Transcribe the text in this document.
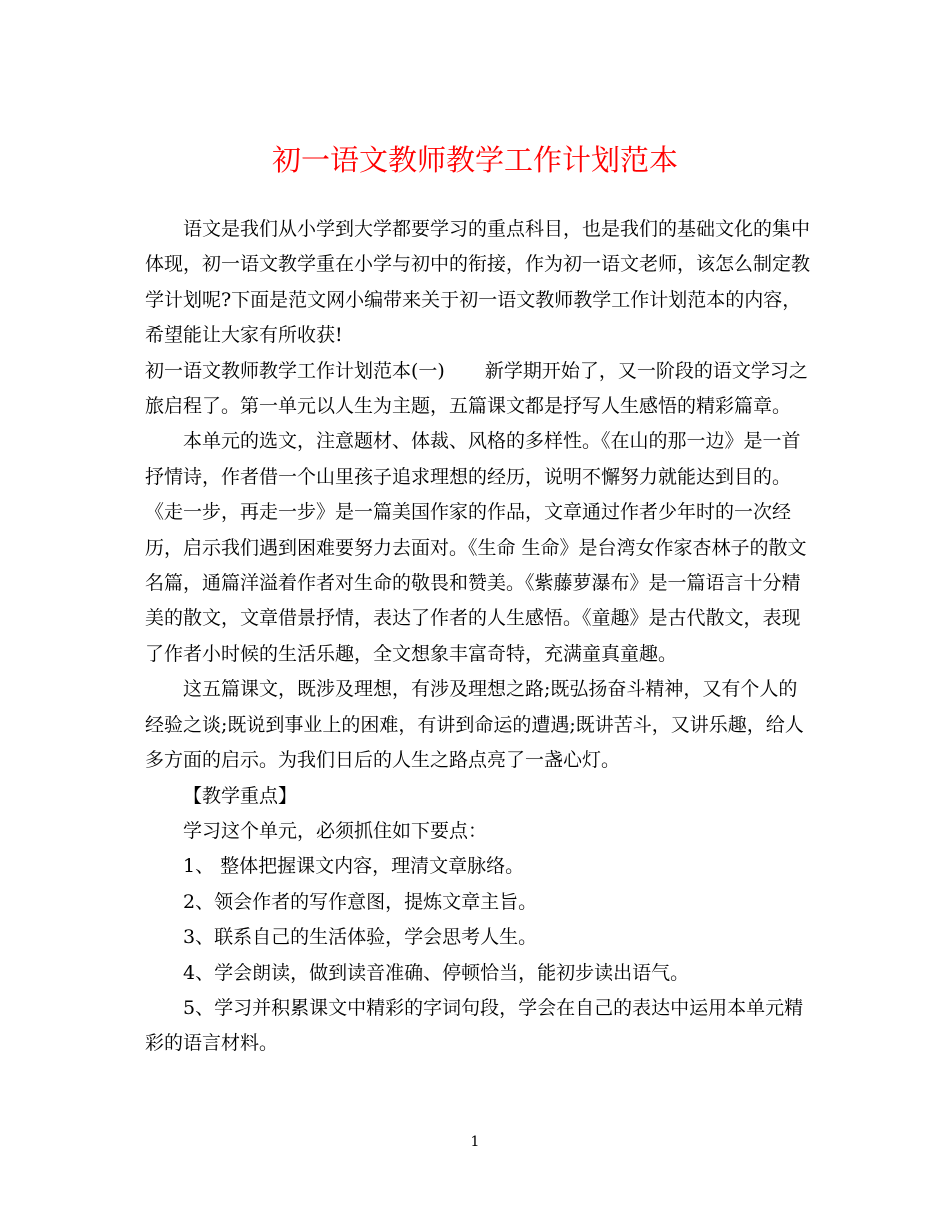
初一语文教师教学工作计划范本

语文是我们从小学到大学都要学习的重点科目，也是我们的基础文化的集中体现，初一语文教学重在小学与初中的衔接，作为初一语文老师，该怎么制定教学计划呢?下面是范文网小编带来关于初一语文教师教学工作计划范本的内容，希望能让大家有所收获!

初一语文教师教学工作计划范本(一) 新学期开始了，又一阶段的语文学习之旅启程了。第一单元以人生为主题，五篇课文都是抒写人生感悟的精彩篇章。

本单元的选文，注意题材、体裁、风格的多样性。《在山的那一边》是一首抒情诗，作者借一个山里孩子追求理想的经历，说明不懈努力就能达到目的。《走一步，再走一步》是一篇美国作家的作品，文章通过作者少年时的一次经历，启示我们遇到困难要努力去面对。《生命 生命》是台湾女作家杏林子的散文名篇，通篇洋溢着作者对生命的敬畏和赞美。《紫藤萝瀑布》是一篇语言十分精美的散文，文章借景抒情，表达了作者的人生感悟。《童趣》是古代散文，表现了作者小时候的生活乐趣，全文想象丰富奇特，充满童真童趣。

这五篇课文，既涉及理想，有涉及理想之路;既弘扬奋斗精神，又有个人的经验之谈;既说到事业上的困难，有讲到命运的遭遇;既讲苦斗，又讲乐趣，给人多方面的启示。为我们日后的人生之路点亮了一盏心灯。

【教学重点】

学习这个单元，必须抓住如下要点：

1、 整体把握课文内容，理清文章脉络。

2、领会作者的写作意图，提炼文章主旨。

3、联系自己的生活体验，学会思考人生。

4、学会朗读，做到读音准确、停顿恰当，能初步读出语气。

5、学习并积累课文中精彩的字词句段，学会在自己的表达中运用本单元精彩的语言材料。

1
